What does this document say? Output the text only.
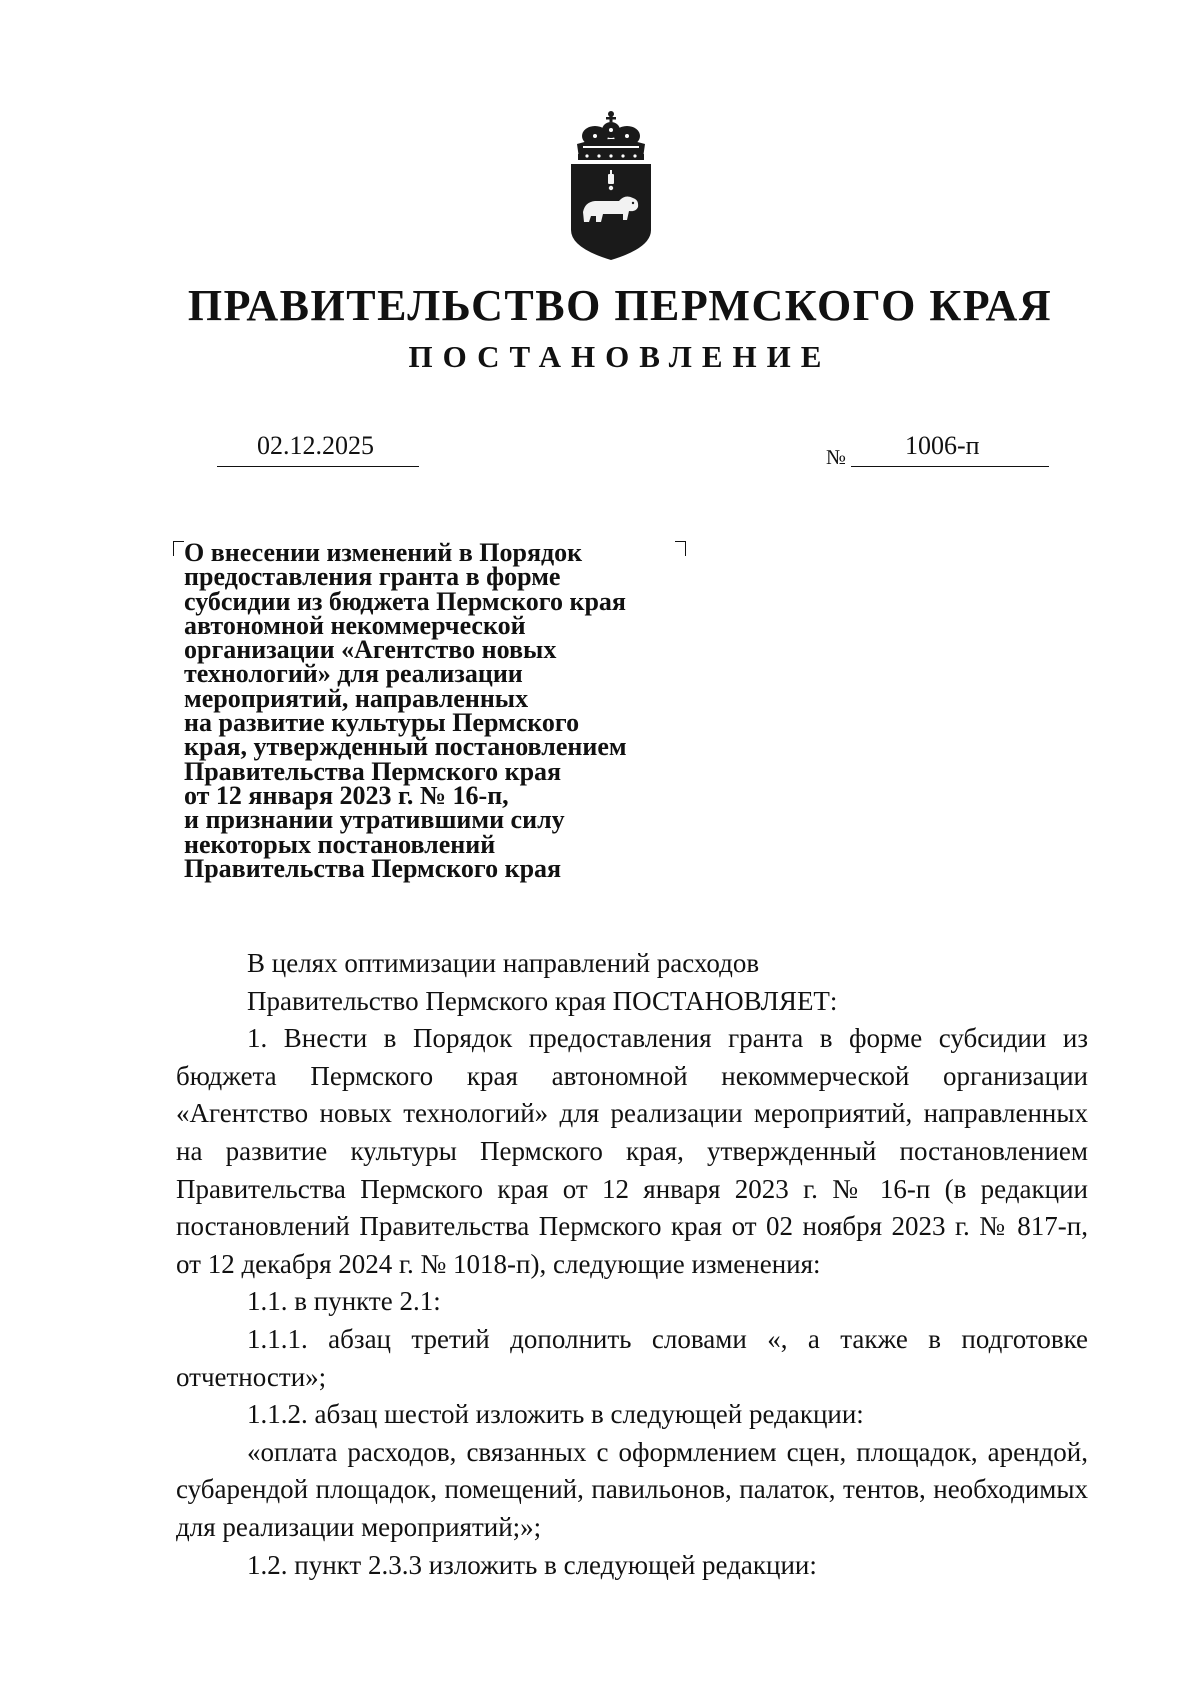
ПРАВИТЕЛЬСТВО ПЕРМСКОГО КРАЯ
ПОСТАНОВЛЕНИЕ
02.12.2025	№ 1006-п
О внесении изменений в Порядок
предоставления гранта в форме
субсидии из бюджета Пермского края
автономной некоммерческой
организации «Агентство новых
технологий» для реализации
мероприятий, направленных
на развитие культуры Пермского
края, утвержденный постановлением
Правительства Пермского края
от 12 января 2023 г. № 16-п,
и признании утратившими силу
некоторых постановлений
Правительства Пермского края

В целях оптимизации направлений расходов

Правительство Пермского края ПОСТАНОВЛЯЕТ:

1. Внести в Порядок предоставления гранта в форме субсидии из бюджета Пермского края автономной некоммерческой организации «Агентство новых технологий» для реализации мероприятий, направленных на развитие культуры Пермского края, утвержденный постановлением Правительства Пермского края от 12 января 2023 г. № 16-п (в редакции постановлений Правительства Пермского края от 02 ноября 2023 г. № 817-п, от 12 декабря 2024 г. № 1018-п), следующие изменения:

1.1. в пункте 2.1:

1.1.1. абзац третий дополнить словами «, а также в подготовке отчетности»;

1.1.2. абзац шестой изложить в следующей редакции:

«оплата расходов, связанных с оформлением сцен, площадок, арендой, субарендой площадок, помещений, павильонов, палаток, тентов, необходимых для реализации мероприятий;»;

1.2. пункт 2.3.3 изложить в следующей редакции:
